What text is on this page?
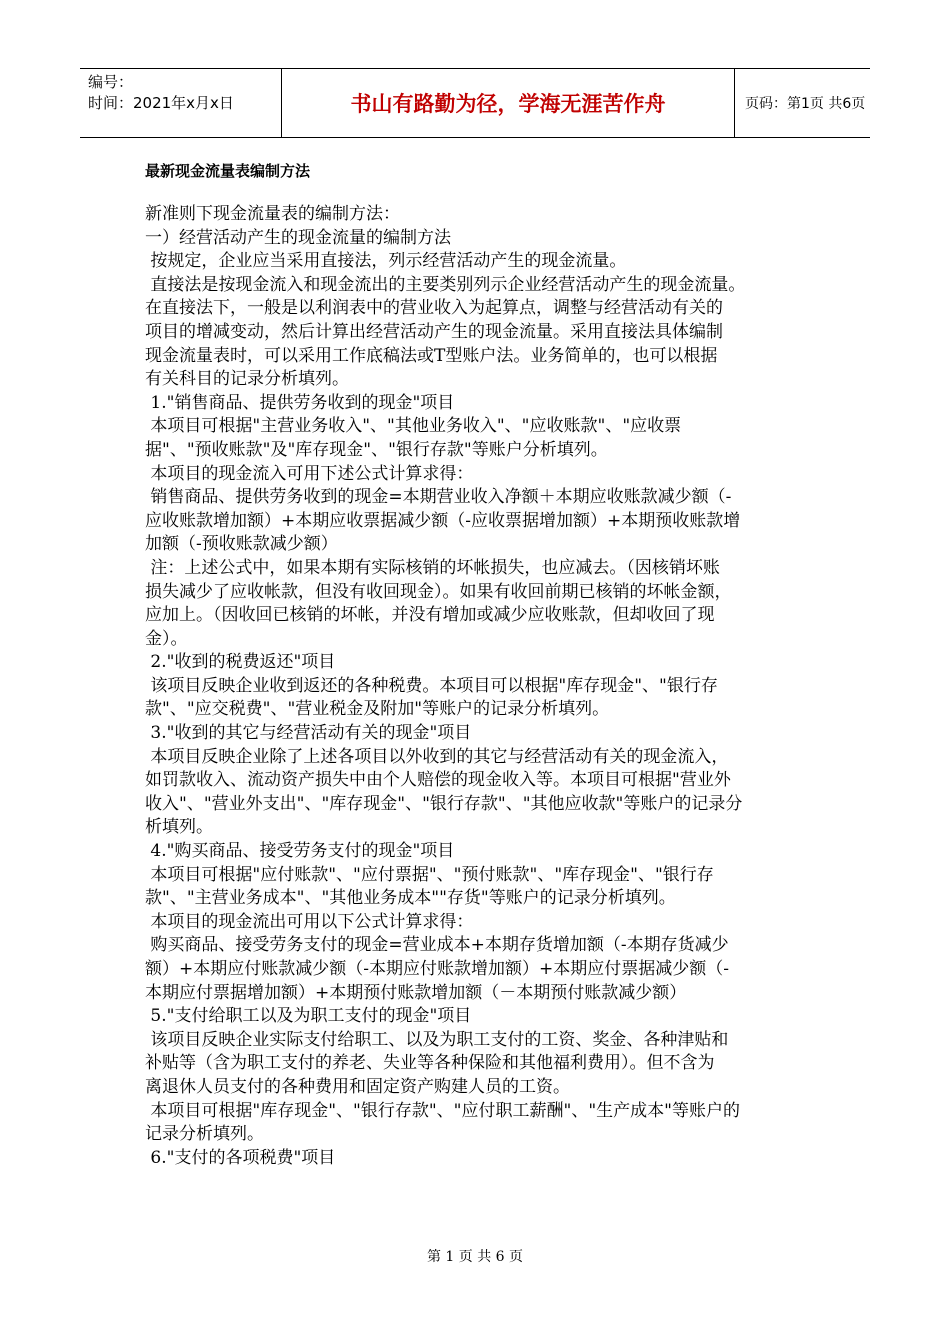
编号：
时间：2021年x月x日	书山有路勤为径，学海无涯苦作舟	页码：第1页 共6页
最新现金流量表编制方法
新准则下现金流量表的编制方法：
一）经营活动产生的现金流量的编制方法
按规定，企业应当采用直接法，列示经营活动产生的现金流量。
直接法是按现金流入和现金流出的主要类别列示企业经营活动产生的现金流量。
在直接法下，一般是以利润表中的营业收入为起算点，调整与经营活动有关的
项目的增减变动，然后计算出经营活动产生的现金流量。采用直接法具体编制
现金流量表时，可以采用工作底稿法或T型账户法。业务简单的，也可以根据
有关科目的记录分析填列。
1."销售商品、提供劳务收到的现金"项目
本项目可根据"主营业务收入"、"其他业务收入"、"应收账款"、"应收票
据"、"预收账款"及"库存现金"、"银行存款"等账户分析填列。
本项目的现金流入可用下述公式计算求得：
销售商品、提供劳务收到的现金=本期营业收入净额＋本期应收账款减少额（-
应收账款增加额）+本期应收票据减少额（-应收票据增加额）+本期预收账款增
加额（-预收账款减少额）
注：上述公式中，如果本期有实际核销的坏帐损失，也应减去。（因核销坏账
损失减少了应收帐款，但没有收回现金）。如果有收回前期已核销的坏帐金额，
应加上。（因收回已核销的坏帐，并没有增加或减少应收账款，但却收回了现
金）。
2."收到的税费返还"项目
该项目反映企业收到返还的各种税费。本项目可以根据"库存现金"、"银行存
款"、"应交税费"、"营业税金及附加"等账户的记录分析填列。
3."收到的其它与经营活动有关的现金"项目
本项目反映企业除了上述各项目以外收到的其它与经营活动有关的现金流入，
如罚款收入、流动资产损失中由个人赔偿的现金收入等。本项目可根据"营业外
收入"、"营业外支出"、"库存现金"、"银行存款"、"其他应收款"等账户的记录分
析填列。
4."购买商品、接受劳务支付的现金"项目
本项目可根据"应付账款"、"应付票据"、"预付账款"、"库存现金"、"银行存
款"、"主营业务成本"、"其他业务成本""存货"等账户的记录分析填列。
本项目的现金流出可用以下公式计算求得：
购买商品、接受劳务支付的现金=营业成本+本期存货增加额（-本期存货减少
额）+本期应付账款减少额（-本期应付账款增加额）+本期应付票据减少额（-
本期应付票据增加额）+本期预付账款增加额（－本期预付账款减少额）
5."支付给职工以及为职工支付的现金"项目
该项目反映企业实际支付给职工、以及为职工支付的工资、奖金、各种津贴和
补贴等（含为职工支付的养老、失业等各种保险和其他福利费用）。但不含为
离退休人员支付的各种费用和固定资产购建人员的工资。
本项目可根据"库存现金"、"银行存款"、"应付职工薪酬"、"生产成本"等账户的
记录分析填列。
6."支付的各项税费"项目
第 1 页 共 6 页
